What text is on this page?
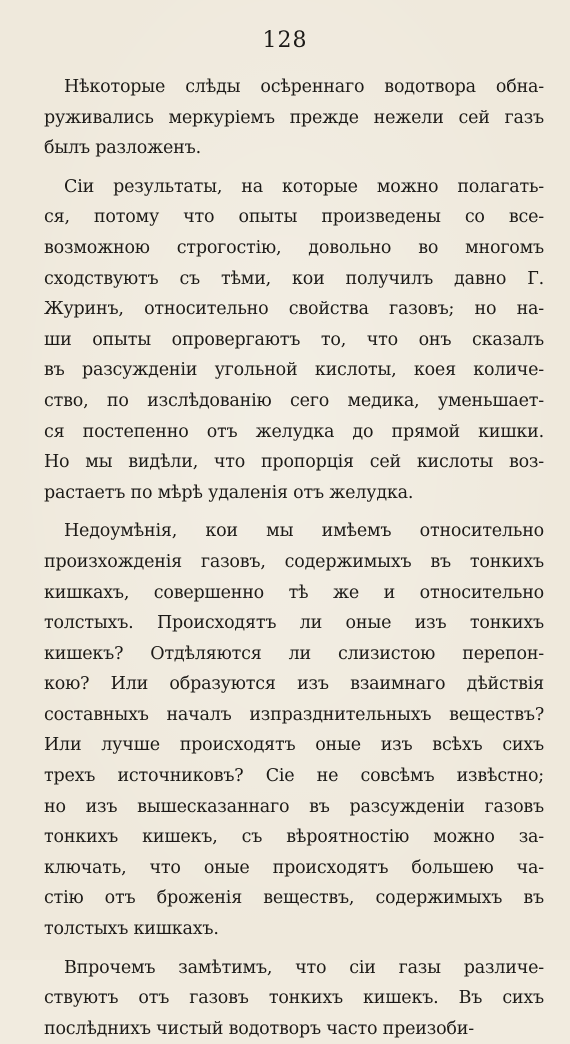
128
Нѣкоторые слѣды осѣреннаго водотвора обна-
руживались меркуріемъ прежде нежели сей газъ
былъ разложенъ.
Сіи результаты, на которые можно полагать-
ся, потому что опыты произведены со все-
возможною строгостію, довольно во многомъ
сходствуютъ съ тѣми, кои получилъ давно Г.
Журинъ, относительно свойства газовъ; но на-
ши опыты опровергаютъ то, что онъ сказалъ
въ разсужденіи угольной кислоты, коея количе-
ство, по изслѣдованію сего медика, уменьшает-
ся постепенно отъ желудка до прямой кишки.
Но мы видѣли, что пропорція сей кислоты воз-
растаетъ по мѣрѣ удаленія отъ желудка.
Недоумѣнія, кои мы имѣемъ относительно
произхожденія газовъ, содержимыхъ въ тонкихъ
кишкахъ, совершенно тѣ же и относительно
толстыхъ. Происходятъ ли оные изъ тонкихъ
кишекъ? Отдѣляются ли слизистою перепон-
кою? Или образуются изъ взаимнаго дѣйствія
составныхъ началъ изпразднительныхъ веществъ?
Или лучше происходятъ оные изъ всѣхъ сихъ
трехъ источниковъ? Сіе не совсѣмъ извѣстно;
но изъ вышесказаннаго въ разсужденіи газовъ
тонкихъ кишекъ, съ вѣроятностію можно за-
ключать, что оные происходятъ большею ча-
стію отъ броженія веществъ, содержимыхъ въ
толстыхъ кишкахъ.
Впрочемъ замѣтимъ, что сіи газы различе-
ствуютъ отъ газовъ тонкихъ кишекъ. Въ сихъ
послѣднихъ чистый водотворъ часто преизоби-
